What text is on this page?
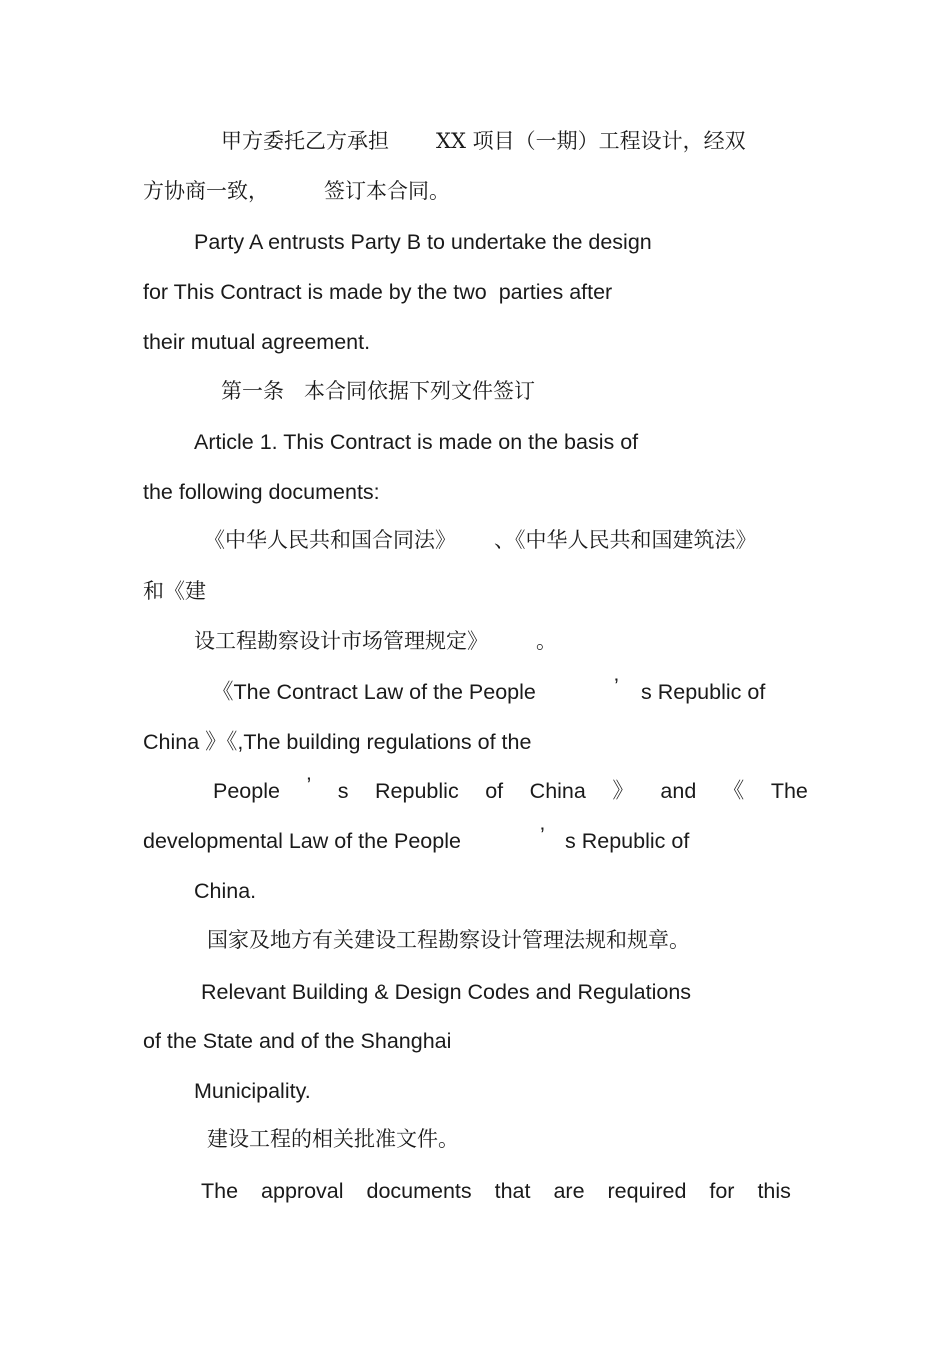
甲方委托乙方承担 XX 项目（一期）工程设计，经双
方协商一致，	签订本合同。
Party A entrusts Party B to undertake the design
for This Contract is made by the two  parties after
their mutual agreement.
第一条   本合同依据下列文件签订
Article 1. This Contract is made on the basis of
the following documents:
《中华人民共和国合同法》 、《中华人民共和国建筑法》
和《建
设工程勘察设计市场管理规定》 。
《The Contract Law of the People	’ s Republic of
China 》《,The building regulations of the
People ’ s Republic of China 》 and 《 The
developmental Law of the People	’ s Republic of
China.
国家及地方有关建设工程勘察设计管理法规和规章。
Relevant Building & Design Codes and Regulations
of the State and of the Shanghai
Municipality.
建设工程的相关批准文件。
The approval documents that are required for this
